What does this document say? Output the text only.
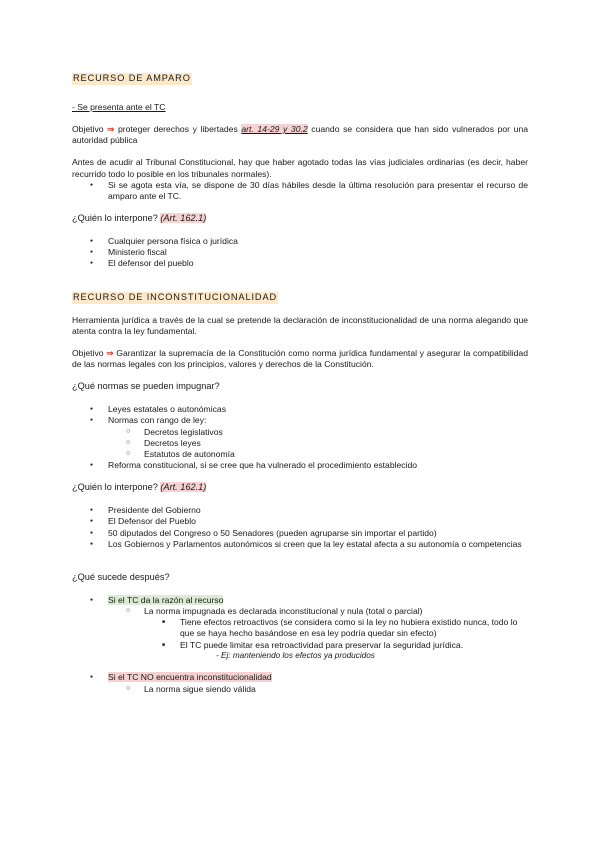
RECURSO DE AMPARO

- Se presenta ante el TC

Objetivo ⇒ proteger derechos y libertades art. 14-29 y 30.2 cuando se considera que han sido vulnerados por una autoridad pública

Antes de acudir al Tribunal Constitucional, hay que haber agotado todas las vías judiciales ordinarias (es decir, haber recurrido todo lo posible en los tribunales normales).

● Si se agota esta vía, se dispone de 30 días hábiles desde la última resolución para presentar el recurso de amparo ante el TC.

¿Quién lo interpone? (Art. 162.1)

● Cualquier persona física o jurídica
● Ministerio fiscal
● El defensor del pueblo
RECURSO DE INCONSTITUCIONALIDAD

Herramienta jurídica a través de la cual se pretende la declaración de inconstitucionalidad de una norma alegando que atenta contra la ley fundamental.

Objetivo ⇒ Garantizar la supremacía de la Constitución como norma jurídica fundamental y asegurar la compatibilidad de las normas legales con los principios, valores y derechos de la Constitución.

¿Qué normas se pueden impugnar?

● Leyes estatales o autonómicas
● Normas con rango de ley:
○ Decretos legislativos
○ Decretos leyes
○ Estatutos de autonomía
● Reforma constitucional, si se cree que ha vulnerado el procedimiento establecido

¿Quién lo interpone? (Art. 162.1)

● Presidente del Gobierno
● El Defensor del Pueblo
● 50 diputados del Congreso o 50 Senadores (pueden agruparse sin importar el partido)
● Los Gobiernos y Parlamentos autonómicos si creen que la ley estatal afecta a su autonomía o competencias

¿Qué sucede después?

● Si el TC da la razón al recurso
○ La norma impugnada es declarada inconstitucional y nula (total o parcial)
■ Tiene efectos retroactivos (se considera como si la ley no hubiera existido nunca, todo lo que se haya hecho basándose en esa ley podría quedar sin efecto)
■ El TC puede limitar esa retroactividad para preservar la seguridad jurídica.

- Ej: manteniendo los efectos ya producidos

● Si el TC NO encuentra inconstitucionalidad
○ La norma sigue siendo válida
